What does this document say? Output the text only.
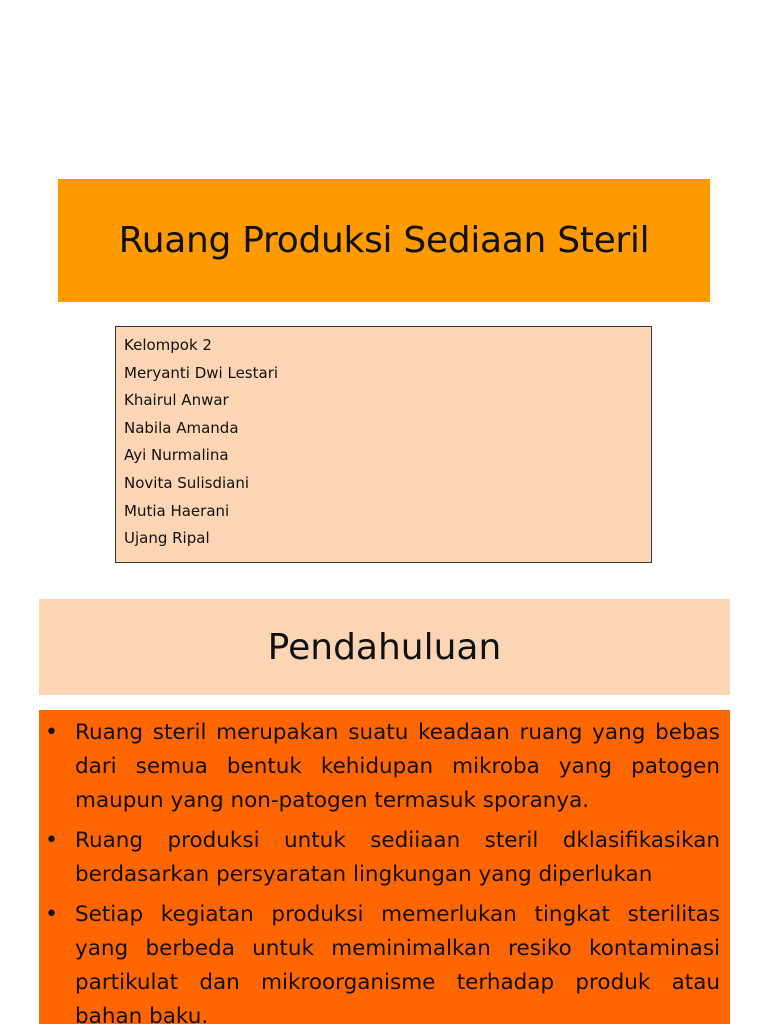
Ruang Produksi Sediaan Steril
Kelompok 2
Meryanti Dwi Lestari
Khairul Anwar
Nabila Amanda
Ayi Nurmalina
Novita Sulisdiani
Mutia Haerani
Ujang Ripal
Pendahuluan
• Ruang steril merupakan suatu keadaan ruang yang bebas dari semua bentuk kehidupan mikroba yang patogen maupun yang non-patogen termasuk sporanya.
• Ruang produksi untuk sediiaan steril dklasifikasikan berdasarkan persyaratan lingkungan yang diperlukan
• Setiap kegiatan produksi memerlukan tingkat sterilitas yang berbeda untuk meminimalkan resiko kontaminasi partikulat dan mikroorganisme terhadap produk atau bahan baku.
